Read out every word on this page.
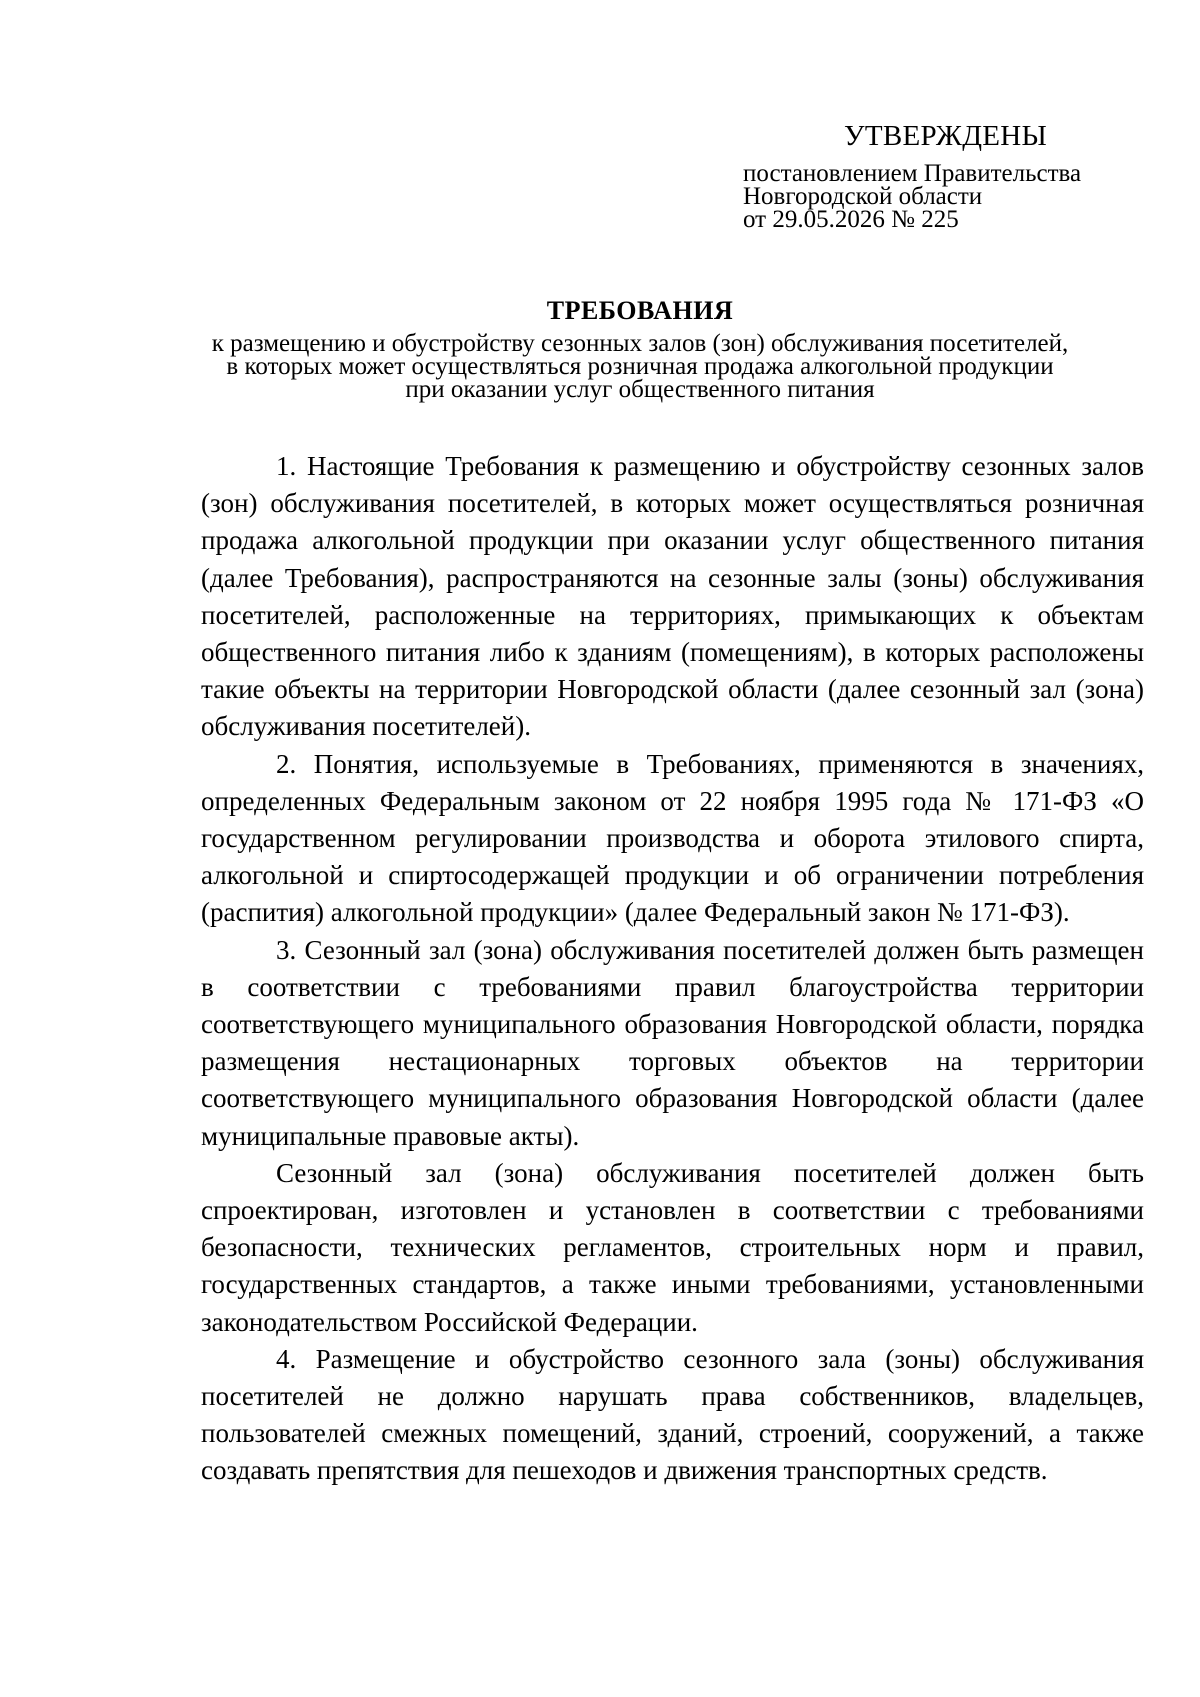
УТВЕРЖДЕНЫ

постановлением Правительства

Новгородской области

от 29.05.2026 № 225

ТРЕБОВАНИЯ

к размещению и обустройству сезонных залов (зон) обслуживания посетителей,

в которых может осуществляться розничная продажа алкогольной продукции

при оказании услуг общественного питания

1. Настоящие Требования к размещению и обустройству сезонных залов (зон) обслуживания посетителей, в которых может осуществляться розничная продажа алкогольной продукции при оказании услуг общественного питания (далее Требования), распространяются на сезонные залы (зоны) обслуживания посетителей, расположенные на территориях, примыкающих к объектам общественного питания либо к зданиям (помещениям), в которых расположены такие объекты на территории Новгородской области (далее сезонный зал (зона) обслуживания посетителей).

2. Понятия, используемые в Требованиях, применяются в значениях, определенных Федеральным законом от 22 ноября 1995 года № 171-ФЗ «О государственном регулировании производства и оборота этилового спирта, алкогольной и спиртосодержащей продукции и об ограничении потребления (распития) алкогольной продукции» (далее Федеральный закон № 171-ФЗ).

3. Сезонный зал (зона) обслуживания посетителей должен быть размещен в соответствии с требованиями правил благоустройства территории соответствующего муниципального образования Новгородской области, порядка размещения нестационарных торговых объектов на территории соответствующего муниципального образования Новгородской области (далее муниципальные правовые акты).

Сезонный зал (зона) обслуживания посетителей должен быть спроектирован, изготовлен и установлен в соответствии с требованиями безопасности, технических регламентов, строительных норм и правил, государственных стандартов, а также иными требованиями, установленными законодательством Российской Федерации.

4. Размещение и обустройство сезонного зала (зоны) обслуживания посетителей не должно нарушать права собственников, владельцев, пользователей смежных помещений, зданий, строений, сооружений, а также создавать препятствия для пешеходов и движения транспортных средств.
